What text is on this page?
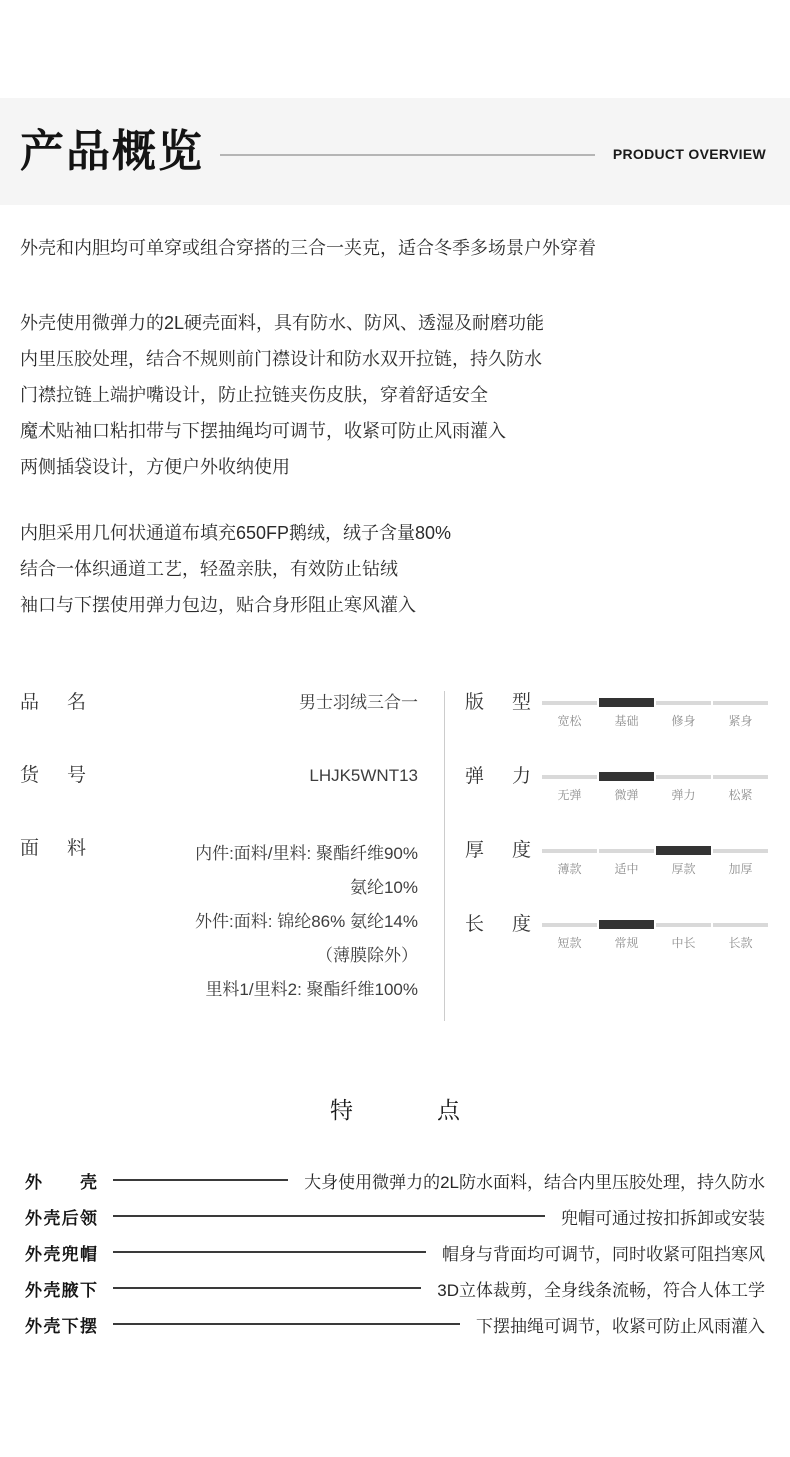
产品概览	PRODUCT OVERVIEW

外壳和内胆均可单穿或组合穿搭的三合一夹克，适合冬季多场景户外穿着

外壳使用微弹力的2L硬壳面料，具有防水、防风、透湿及耐磨功能
内里压胶处理，结合不规则前门襟设计和防水双开拉链，持久防水
门襟拉链上端护嘴设计，防止拉链夹伤皮肤，穿着舒适安全
魔术贴袖口粘扣带与下摆抽绳均可调节，收紧可防止风雨灌入
两侧插袋设计，方便户外收纳使用
内胆采用几何状通道布填充650FP鹅绒，绒子含量80%
结合一体织通道工艺，轻盈亲肤，有效防止钻绒
袖口与下摆使用弹力包边，贴合身形阻止寒风灌入
品 名	男士羽绒三合一
货 号	LHJK5WNT13
面 料	内件:面料/里料: 聚酯纤维90%
氨纶10%
外件:面料: 锦纶86% 氨纶14%
（薄膜除外）
里料1/里料2: 聚酯纤维100%
版 型
宽松	基础	修身	紧身
弹 力
无弹	微弹	弹力	松紧
厚 度
薄款	适中	厚款	加厚
长 度
短款	常规	中长	长款
特 点
外 壳	大身使用微弹力的2L防水面料，结合内里压胶处理，持久防水
外壳后领	兜帽可通过按扣拆卸或安装
外壳兜帽	帽身与背面均可调节，同时收紧可阻挡寒风
外壳腋下	3D立体裁剪，全身线条流畅，符合人体工学
外壳下摆	下摆抽绳可调节，收紧可防止风雨灌入
